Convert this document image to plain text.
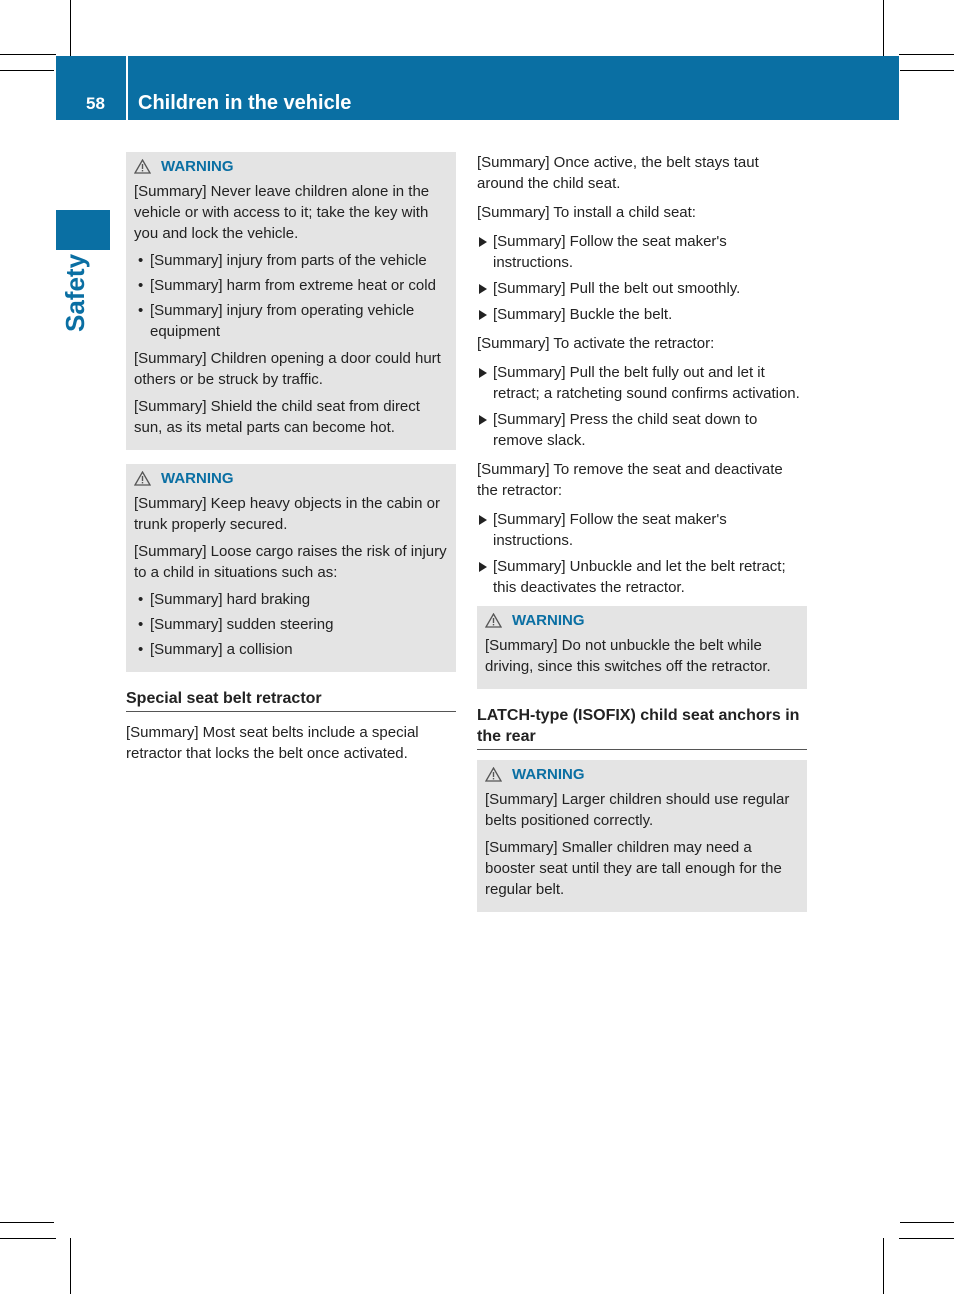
58 Children in the vehicle
Safety
WARNING

[Summary] Never leave children alone in the vehicle or with access to it; take the key with you and lock the vehicle.

• [Summary] injury from parts of the vehicle
• [Summary] harm from extreme heat or cold
• [Summary] injury from operating vehicle equipment

[Summary] Children opening a door could hurt others or be struck by traffic.

[Summary] Shield the child seat from direct sun, as its metal parts can become hot.

WARNING

[Summary] Keep heavy objects in the cabin or trunk properly secured.

[Summary] Loose cargo raises the risk of injury to a child in situations such as:

• [Summary] hard braking
• [Summary] sudden steering
• [Summary] a collision
Special seat belt retractor

[Summary] Most seat belts include a special retractor that locks the belt once activated.

[Summary] Once active, the belt stays taut around the child seat.

[Summary] To install a child seat:

[Summary] Follow the seat maker's instructions.
[Summary] Pull the belt out smoothly.
[Summary] Buckle the belt.

[Summary] To activate the retractor:

[Summary] Pull the belt fully out and let it retract; a ratcheting sound confirms activation.
[Summary] Press the child seat down to remove slack.

[Summary] To remove the seat and deactivate the retractor:

[Summary] Follow the seat maker's instructions.
[Summary] Unbuckle and let the belt retract; this deactivates the retractor.
WARNING

[Summary] Do not unbuckle the belt while driving, since this switches off the retractor.

LATCH-type (ISOFIX) child seat anchors in the rear
WARNING

[Summary] Larger children should use regular belts positioned correctly.

[Summary] Smaller children may need a booster seat until they are tall enough for the regular belt.
